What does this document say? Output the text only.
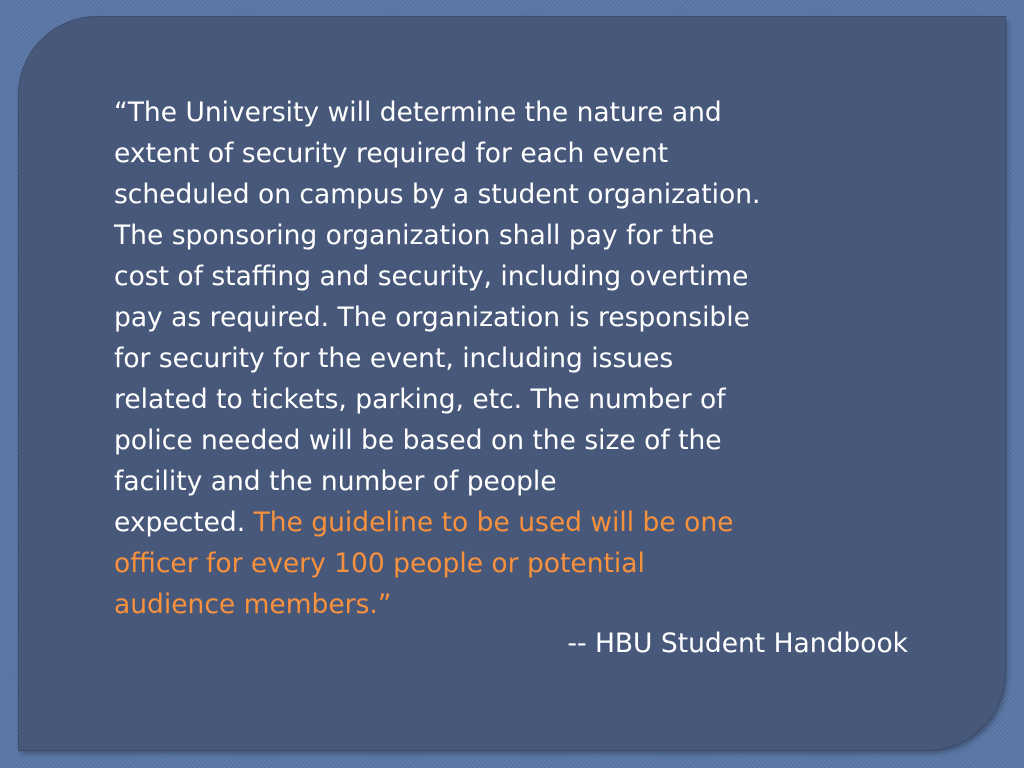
“The University will determine the nature and
extent of security required for each event
scheduled on campus by a student organization.
The sponsoring organization shall pay for the
cost of staffing and security, including overtime
pay as required. The organization is responsible
for security for the event, including issues
related to tickets, parking, etc. The number of
police needed will be based on the size of the
facility and the number of people
expected. The guideline to be used will be one
officer for every 100 people or potential
audience members.”

-- HBU Student Handbook
